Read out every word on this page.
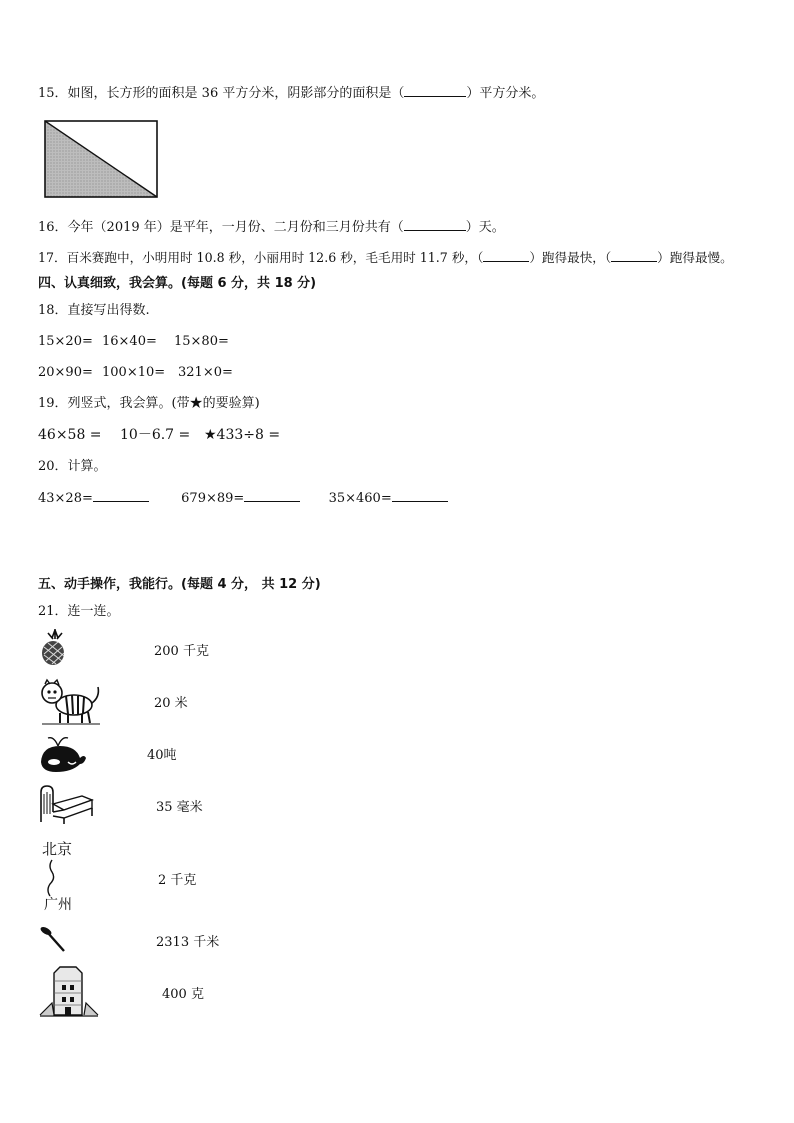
15．如图，长方形的面积是 36 平方分米，阴影部分的面积是（	）平方分米。
16．今年（2019 年）是平年，一月份、二月份和三月份共有（	）天。
17．百米赛跑中，小明用时 10.8 秒，小丽用时 12.6 秒，毛毛用时 11.7 秒，（	）跑得最快，（	）跑得最慢。
四、认真细致，我会算。(每题 6 分，共 18 分)
18．直接写出得数.
15×20= 16×40= 15×80=
20×90= 100×10= 321×0=
19．列竖式，我会算。(带★的要验算)
46×58 = 10－6.7 = ★433÷8 =
20．计算。
43×28=	679×89=	35×460=
五、动手操作，我能行。(每题 4 分， 共 12 分)
21．连一连。
200 千克
20 米
40吨
35 毫米
北京
广州
2 千克
2313 千米
400 克
